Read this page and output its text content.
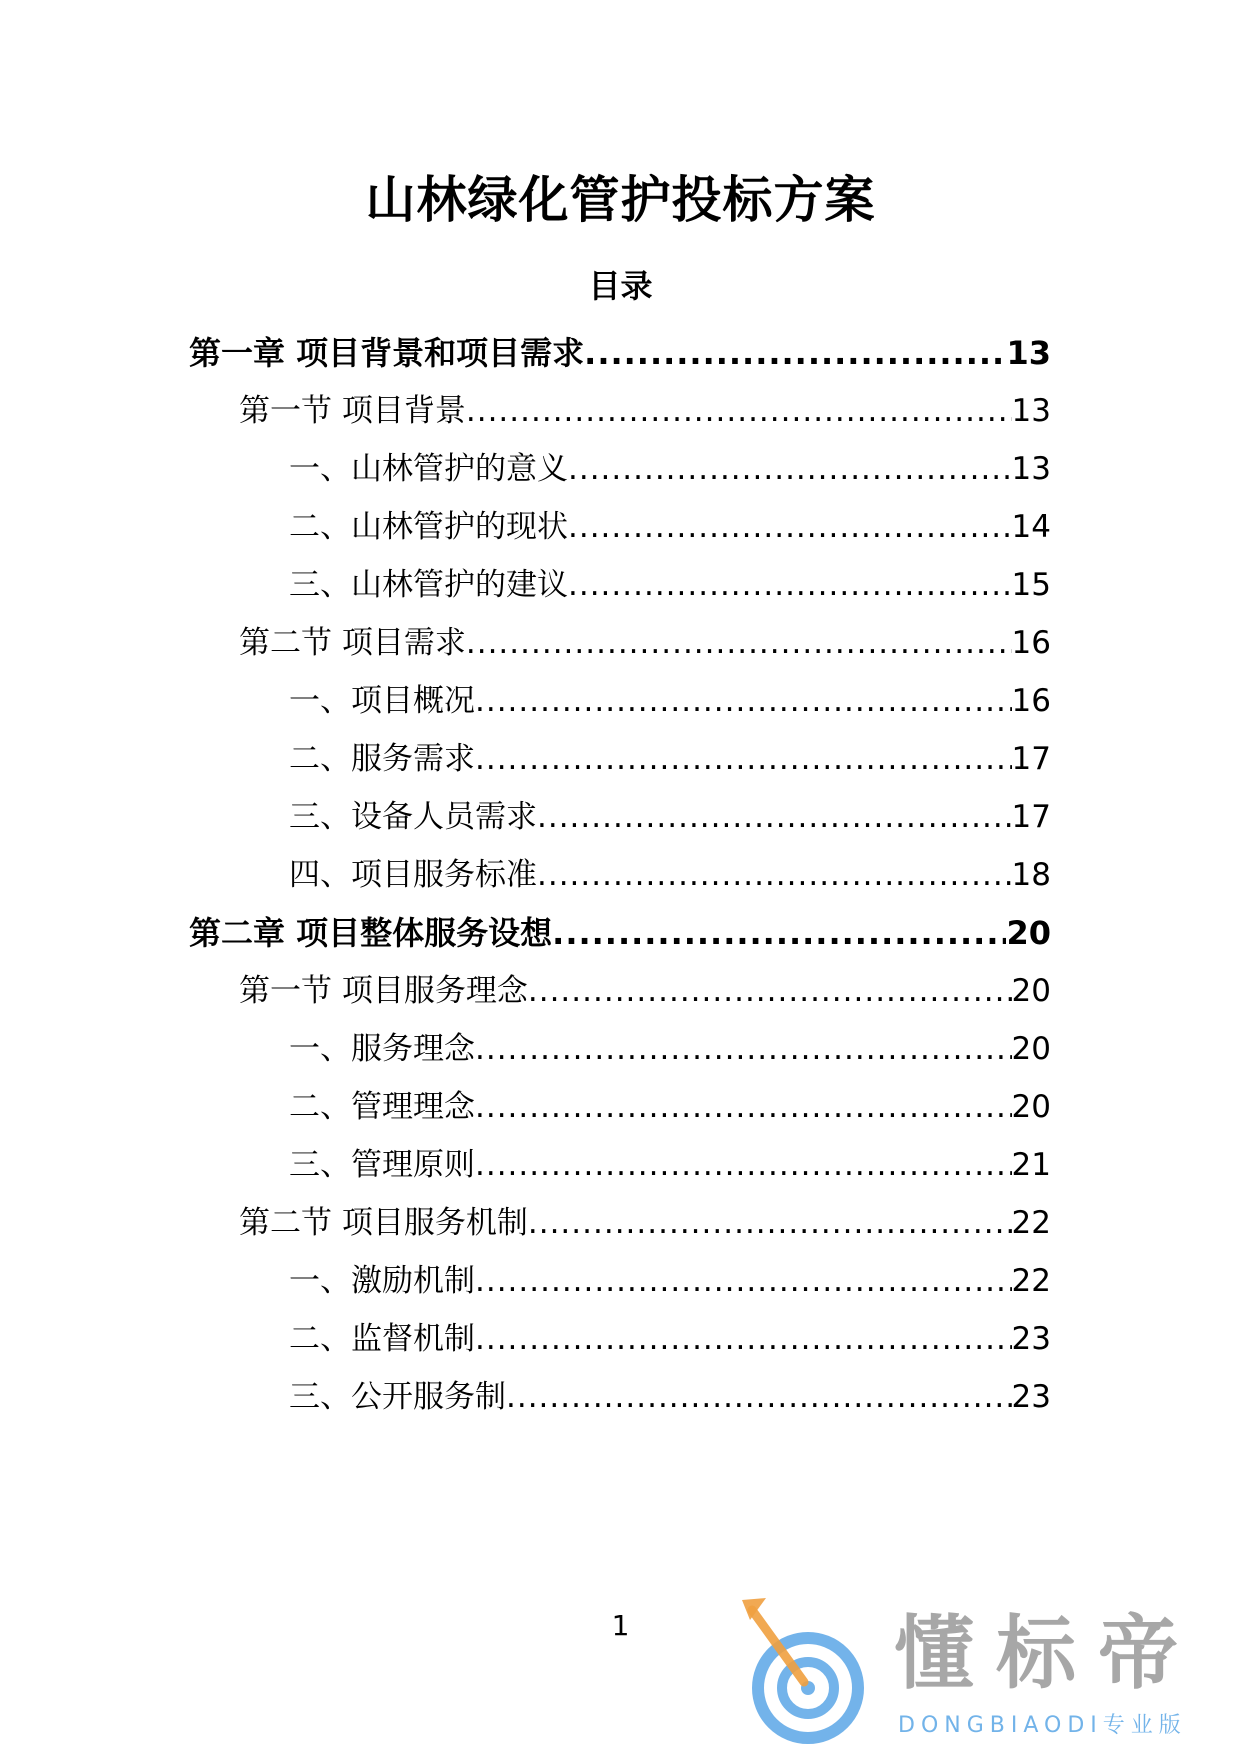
山林绿化管护投标方案
目录
第一章 项目背景和项目需求 .....	13
第一节 项目背景 .....	13
一、山林管护的意义 .....	13
二、山林管护的现状 .....	14
三、山林管护的建议 .....	15
第二节 项目需求 .....	16
一、项目概况 .....	16
二、服务需求 .....	17
三、设备人员需求 .....	17
四、项目服务标准 .....	18
第二章 项目整体服务设想 .....	20
第一节 项目服务理念 .....	20
一、服务理念 .....	20
二、管理理念 .....	20
三、管理原则 .....	21
第二节 项目服务机制 .....	22
一、激励机制 .....	22
二、监督机制 .....	23
三、公开服务制 .....	23
1	懂标帝
DONGBIAODI专业版
